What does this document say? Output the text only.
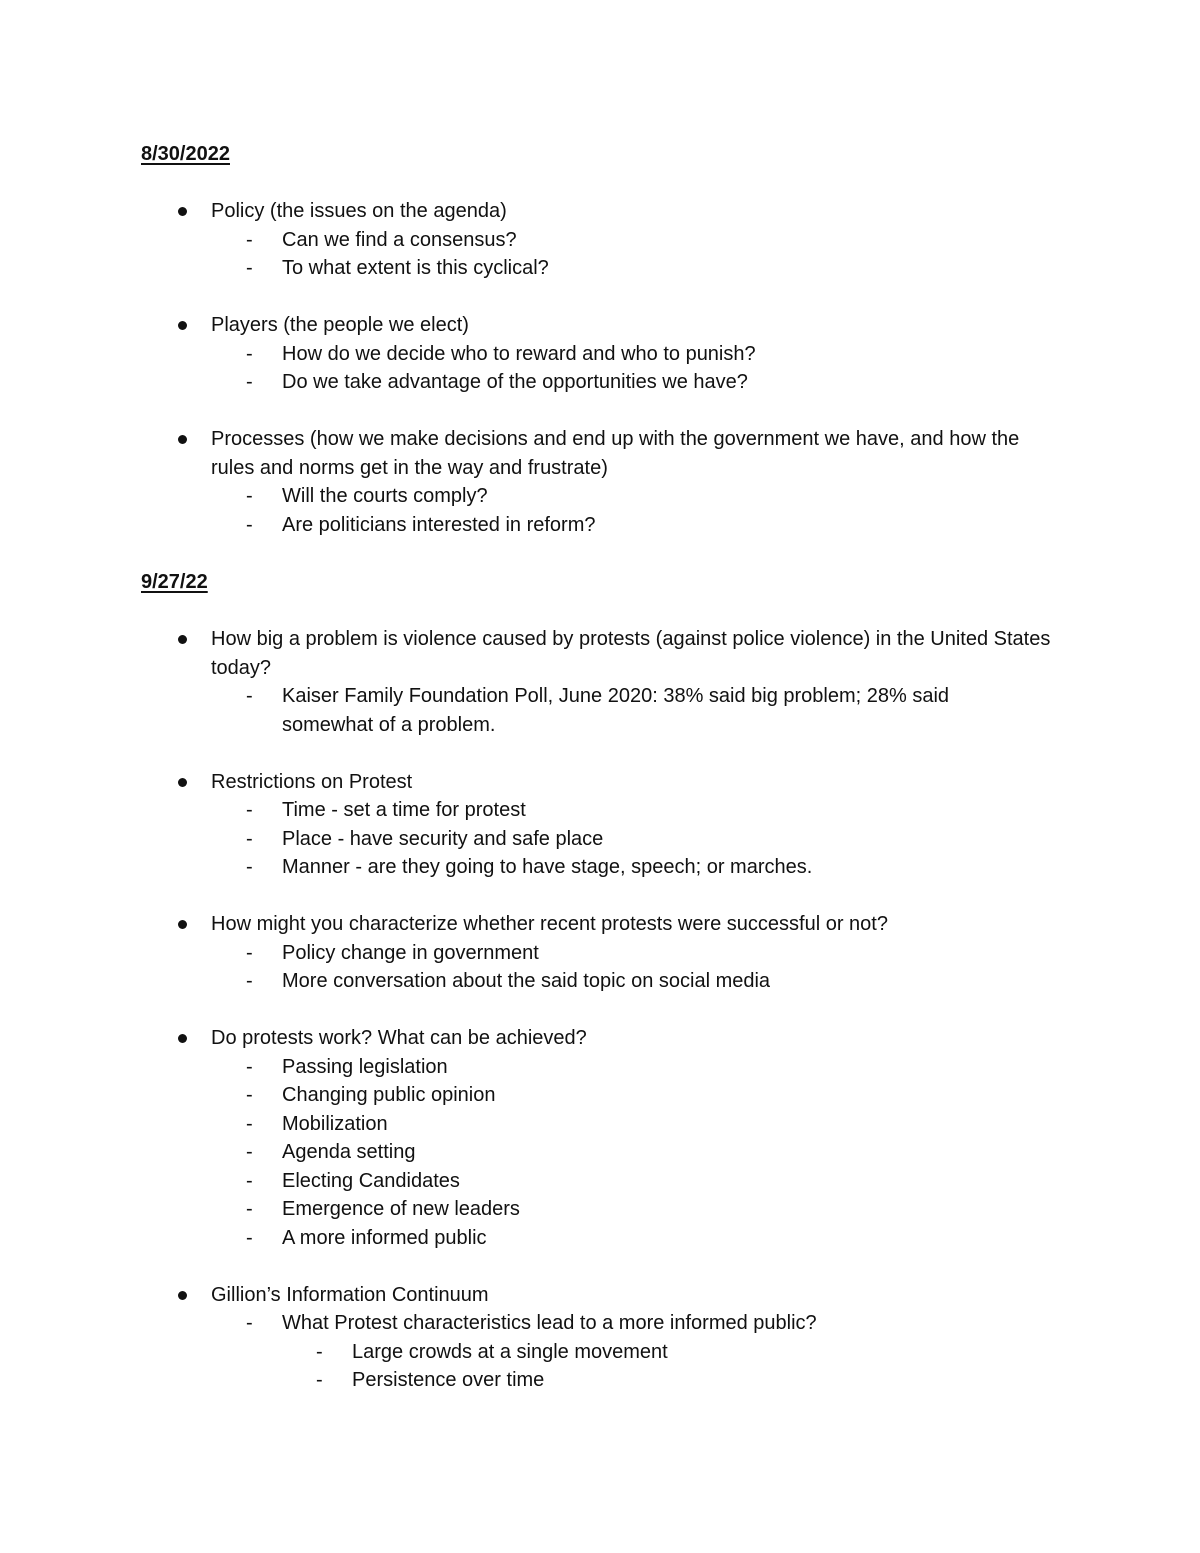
8/30/2022
Policy (the issues on the agenda)
- Can we find a consensus?
- To what extent is this cyclical?
Players (the people we elect)
- How do we decide who to reward and who to punish?
- Do we take advantage of the opportunities we have?
Processes (how we make decisions and end up with the government we have, and how the rules and norms get in the way and frustrate)
- Will the courts comply?
- Are politicians interested in reform?
9/27/22
How big a problem is violence caused by protests (against police violence) in the United States today?
- Kaiser Family Foundation Poll, June 2020: 38% said big problem; 28% said somewhat of a problem.
Restrictions on Protest
- Time - set a time for protest
- Place - have security and safe place
- Manner - are they going to have stage, speech; or marches.
How might you characterize whether recent protests were successful or not?
- Policy change in government
- More conversation about the said topic on social media
Do protests work? What can be achieved?
- Passing legislation
- Changing public opinion
- Mobilization
- Agenda setting
- Electing Candidates
- Emergence of new leaders
- A more informed public
Gillion’s Information Continuum
- What Protest characteristics lead to a more informed public?
- Large crowds at a single movement
- Persistence over time
